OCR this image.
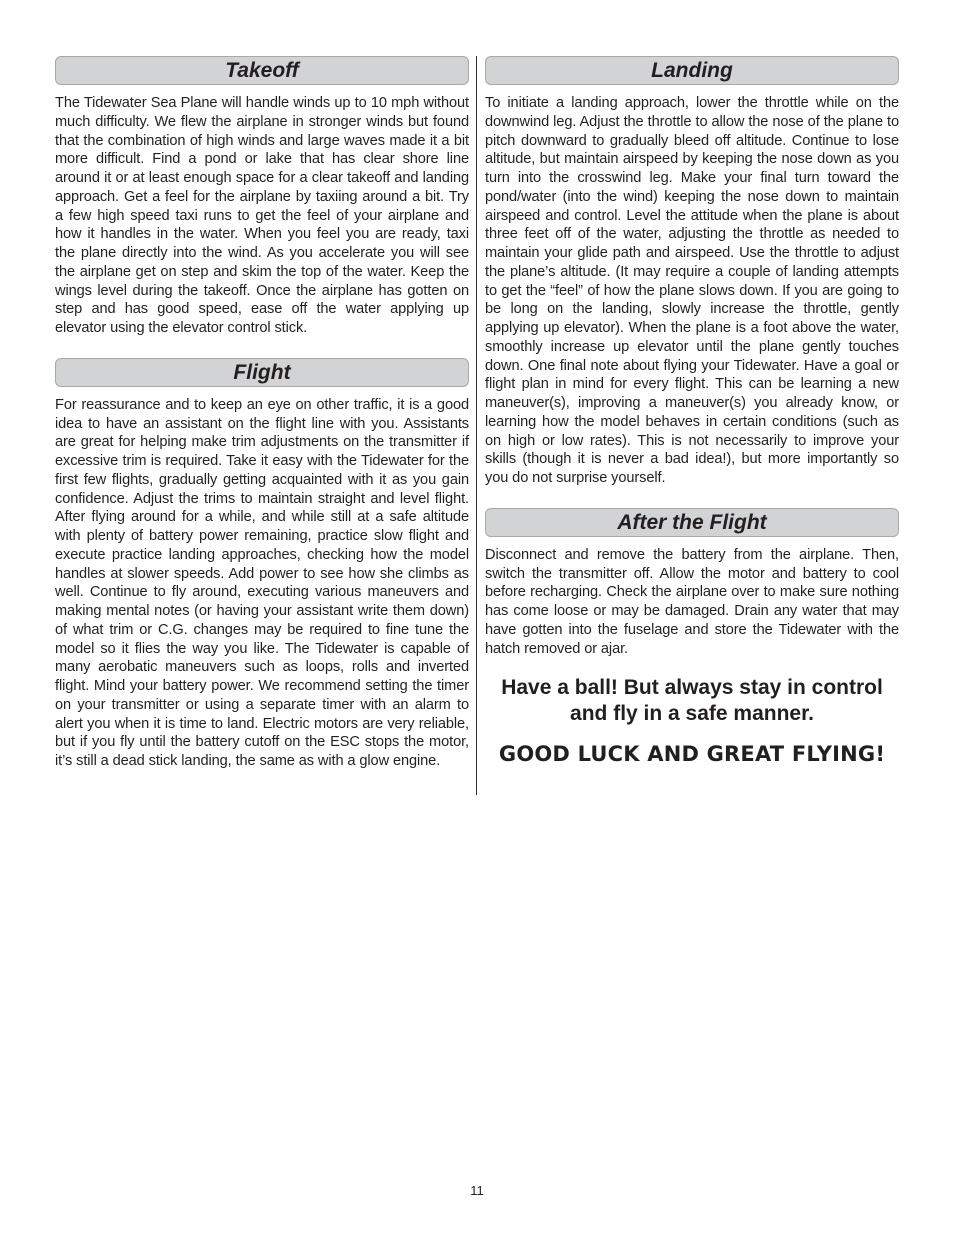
Takeoff

The Tidewater Sea Plane will handle winds up to 10 mph without much difficulty. We flew the airplane in stronger winds but found that the combination of high winds and large waves made it a bit more difficult. Find a pond or lake that has clear shore line around it or at least enough space for a clear takeoff and landing approach. Get a feel for the airplane by taxiing around a bit. Try a few high speed taxi runs to get the feel of your airplane and how it handles in the water. When you feel you are ready, taxi the plane directly into the wind. As you accelerate you will see the airplane get on step and skim the top of the water. Keep the wings level during the takeoff. Once the airplane has gotten on step and has good speed, ease off the water applying up elevator using the elevator control stick.

Flight

For reassurance and to keep an eye on other traffic, it is a good idea to have an assistant on the flight line with you. Assistants are great for helping make trim adjustments on the transmitter if excessive trim is required. Take it easy with the Tidewater for the first few flights, gradually getting acquainted with it as you gain confidence. Adjust the trims to maintain straight and level flight. After flying around for a while, and while still at a safe altitude with plenty of battery power remaining, practice slow flight and execute practice landing approaches, checking how the model handles at slower speeds. Add power to see how she climbs as well. Continue to fly around, executing various maneuvers and making mental notes (or having your assistant write them down) of what trim or C.G. changes may be required to fine tune the model so it flies the way you like. The Tidewater is capable of many aerobatic maneuvers such as loops, rolls and inverted flight. Mind your battery power. We recommend setting the timer on your transmitter or using a separate timer with an alarm to alert you when it is time to land. Electric motors are very reliable, but if you fly until the battery cutoff on the ESC stops the motor, it’s still a dead stick landing, the same as with a glow engine.

Landing

To initiate a landing approach, lower the throttle while on the downwind leg. Adjust the throttle to allow the nose of the plane to pitch downward to gradually bleed off altitude. Continue to lose altitude, but maintain airspeed by keeping the nose down as you turn into the crosswind leg. Make your final turn toward the pond/water (into the wind) keeping the nose down to maintain airspeed and control. Level the attitude when the plane is about three feet off of the water, adjusting the throttle as needed to maintain your glide path and airspeed. Use the throttle to adjust the plane’s altitude. (It may require a couple of landing attempts to get the “feel” of how the plane slows down. If you are going to be long on the landing, slowly increase the throttle, gently applying up elevator). When the plane is a foot above the water, smoothly increase up elevator until the plane gently touches down. One final note about flying your Tidewater. Have a goal or flight plan in mind for every flight. This can be learning a new maneuver(s), improving a maneuver(s) you already know, or learning how the model behaves in certain conditions (such as on high or low rates). This is not necessarily to improve your skills (though it is never a bad idea!), but more importantly so you do not surprise yourself.

After the Flight

Disconnect and remove the battery from the airplane. Then, switch the transmitter off. Allow the motor and battery to cool before recharging. Check the airplane over to make sure nothing has come loose or may be damaged. Drain any water that may have gotten into the fuselage and store the Tidewater with the hatch removed or ajar.

Have a ball! But always stay in control and fly in a safe manner.
GOOD LUCK AND GREAT FLYING!
11
